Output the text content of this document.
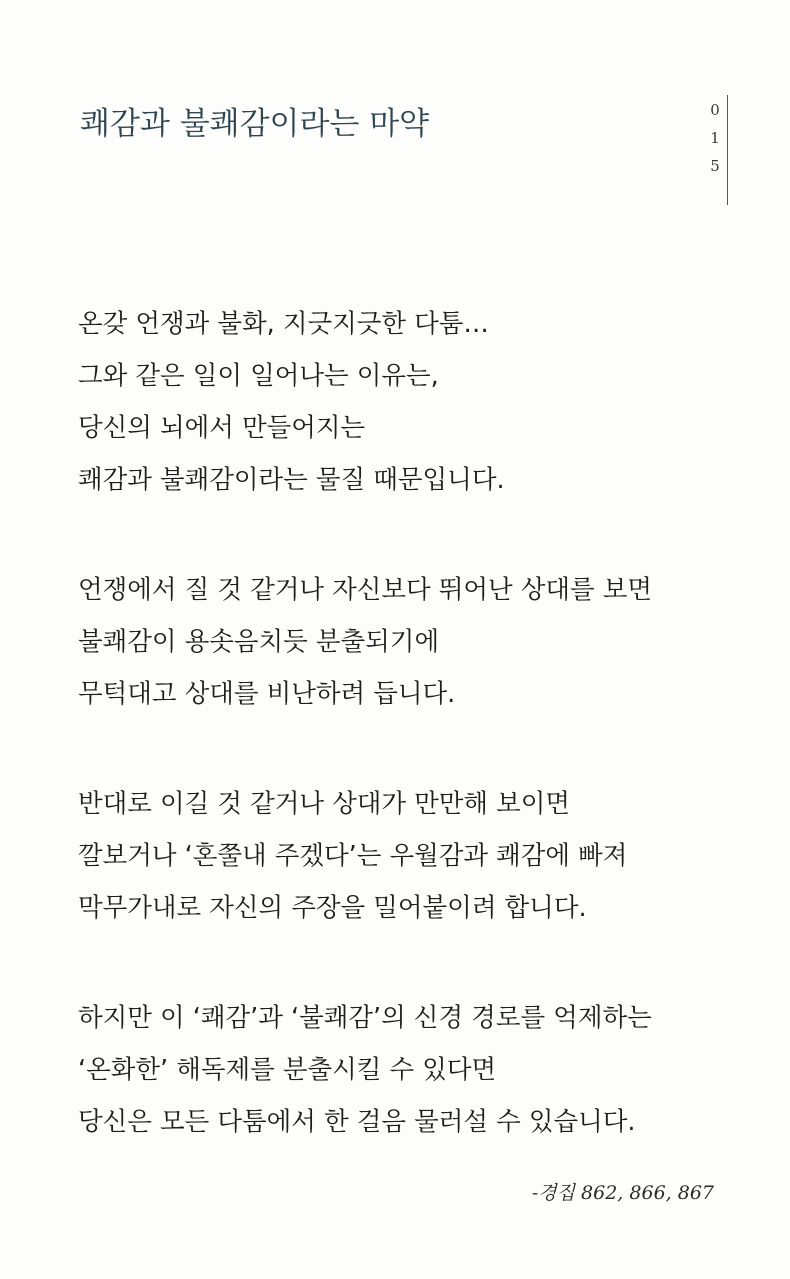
쾌감과 불쾌감이라는 마약	0
1
5
온갖 언쟁과 불화, 지긋지긋한 다툼…
그와 같은 일이 일어나는 이유는,
당신의 뇌에서 만들어지는
쾌감과 불쾌감이라는 물질 때문입니다.
언쟁에서 질 것 같거나 자신보다 뛰어난 상대를 보면
불쾌감이 용솟음치듯 분출되기에
무턱대고 상대를 비난하려 듭니다.
반대로 이길 것 같거나 상대가 만만해 보이면
깔보거나 ‘혼쭐내 주겠다’는 우월감과 쾌감에 빠져
막무가내로 자신의 주장을 밀어붙이려 합니다.
하지만 이 ‘쾌감’과 ‘불쾌감’의 신경 경로를 억제하는
‘온화한’ 해독제를 분출시킬 수 있다면
당신은 모든 다툼에서 한 걸음 물러설 수 있습니다.
-경집 862, 866, 867
